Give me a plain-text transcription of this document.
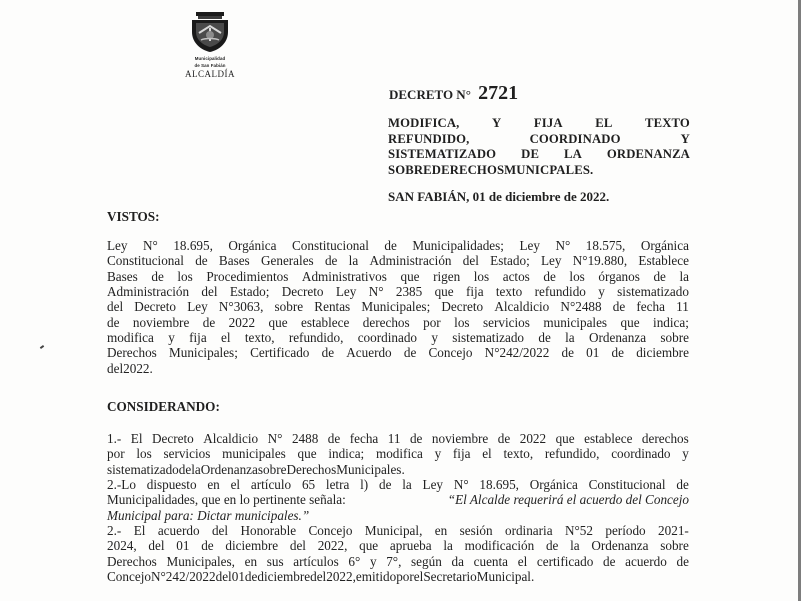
Municipalidad
de San Fabián
ALCALDÍA
DECRETO N° 2721
MODIFICA,	Y	FIJA	EL	TEXTO
REFUNDIDO,	COORDINADO	Y
SISTEMATIZADO DE LA ORDENANZA
SOBRE DERECHOS MUNICPALES.
SAN FABIÁN, 01 de diciembre de 2022.
VISTOS:
Ley N° 18.695, Orgánica Constitucional de Municipalidades; Ley N° 18.575, Orgánica
Constitucional de Bases Generales de la Administración del Estado; Ley N°19.880, Establece
Bases de los Procedimientos Administrativos que rigen los actos de los órganos de la
Administración del Estado; Decreto Ley N° 2385 que fija texto refundido y sistematizado
del Decreto Ley N°3063, sobre Rentas Municipales; Decreto Alcaldicio N°2488 de fecha 11
de noviembre de 2022 que establece derechos por los servicios municipales que indica;
modifica y fija el texto, refundido, coordinado y sistematizado de la Ordenanza sobre
Derechos Municipales; Certificado de Acuerdo de Concejo N°242/2022 de 01 de diciembre
del 2022.
CONSIDERANDO:
1.- El Decreto Alcaldicio N° 2488 de fecha 11 de noviembre de 2022 que establece derechos
por los servicios municipales que indica; modifica y fija el texto, refundido, coordinado y
sistematizado de la Ordenanza sobre Derechos Municipales.
2.-Lo dispuesto en el artículo 65 letra l) de la Ley N° 18.695, Orgánica Constitucional de
Municipalidades, que en lo pertinente señala:	“El Alcalde requerirá el acuerdo del Concejo
Municipal para: Dictar municipales.”
2.- El acuerdo del Honorable Concejo Municipal, en sesión ordinaria N°52 período 2021-
2024, del 01 de diciembre del 2022, que aprueba la modificación de la Ordenanza sobre
Derechos Municipales, en sus artículos 6° y 7°, según da cuenta el certificado de acuerdo de
Concejo N° 242/2022 del 01 de diciembre del 2022, emitido por el Secretario Municipal.
